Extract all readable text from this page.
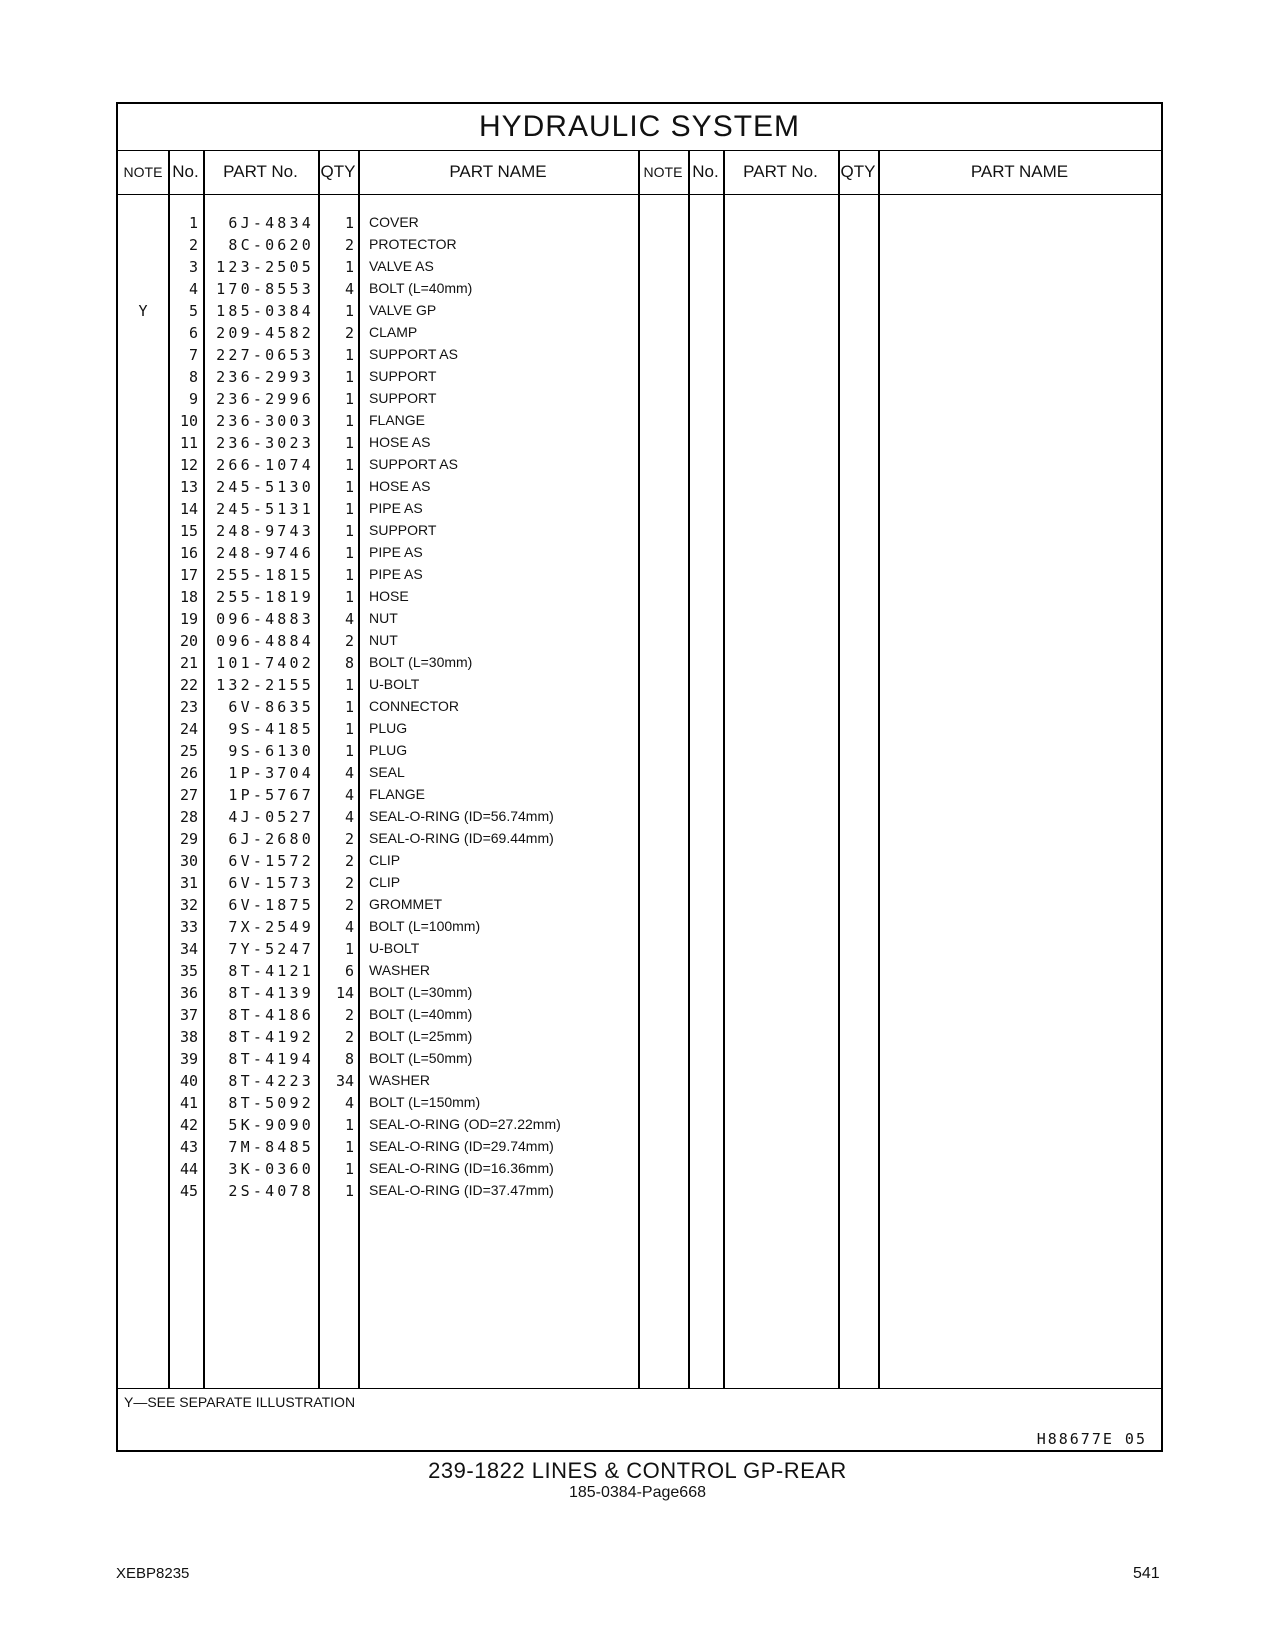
HYDRAULIC SYSTEM
NOTE No.	PART No.	QTY	PART NAME	NOTE No.	PART No.	QTY	PART NAME
1	6J-4834	1 COVER
2	8C-0620	2 PROTECTOR
3	123-2505	1 VALVE AS
4	170-8553	4 BOLT (L=40mm)
Y	5	185-0384	1 VALVE GP
6	209-4582	2 CLAMP
7	227-0653	1 SUPPORT AS
8	236-2993	1 SUPPORT
9	236-2996	1 SUPPORT
10	236-3003	1 FLANGE
11	236-3023	1 HOSE AS
12	266-1074	1 SUPPORT AS
13	245-5130	1 HOSE AS
14	245-5131	1 PIPE AS
15	248-9743	1 SUPPORT
16	248-9746	1 PIPE AS
17	255-1815	1 PIPE AS
18	255-1819	1 HOSE
19	096-4883	4 NUT
20	096-4884	2 NUT
21	101-7402	8 BOLT (L=30mm)
22	132-2155	1 U-BOLT
23	6V-8635	1 CONNECTOR
24	9S-4185	1 PLUG
25	9S-6130	1 PLUG
26	1P-3704	4 SEAL
27	1P-5767	4 FLANGE
28	4J-0527	4 SEAL-O-RING (ID=56.74mm)
29	6J-2680	2 SEAL-O-RING (ID=69.44mm)
30	6V-1572	2 CLIP
31	6V-1573	2 CLIP
32	6V-1875	2 GROMMET
33	7X-2549	4 BOLT (L=100mm)
34	7Y-5247	1 U-BOLT
35	8T-4121	6 WASHER
36	8T-4139	14 BOLT (L=30mm)
37	8T-4186	2 BOLT (L=40mm)
38	8T-4192	2 BOLT (L=25mm)
39	8T-4194	8 BOLT (L=50mm)
40	8T-4223	34 WASHER
41	8T-5092	4 BOLT (L=150mm)
42	5K-9090	1 SEAL-O-RING (OD=27.22mm)
43	7M-8485	1 SEAL-O-RING (ID=29.74mm)
44	3K-0360	1 SEAL-O-RING (ID=16.36mm)
45	2S-4078	1 SEAL-O-RING (ID=37.47mm)
Y—SEE SEPARATE ILLUSTRATION
H88677E 05
239-1822 LINES & CONTROL GP-REAR
185-0384-Page668
XEBP8235	541
